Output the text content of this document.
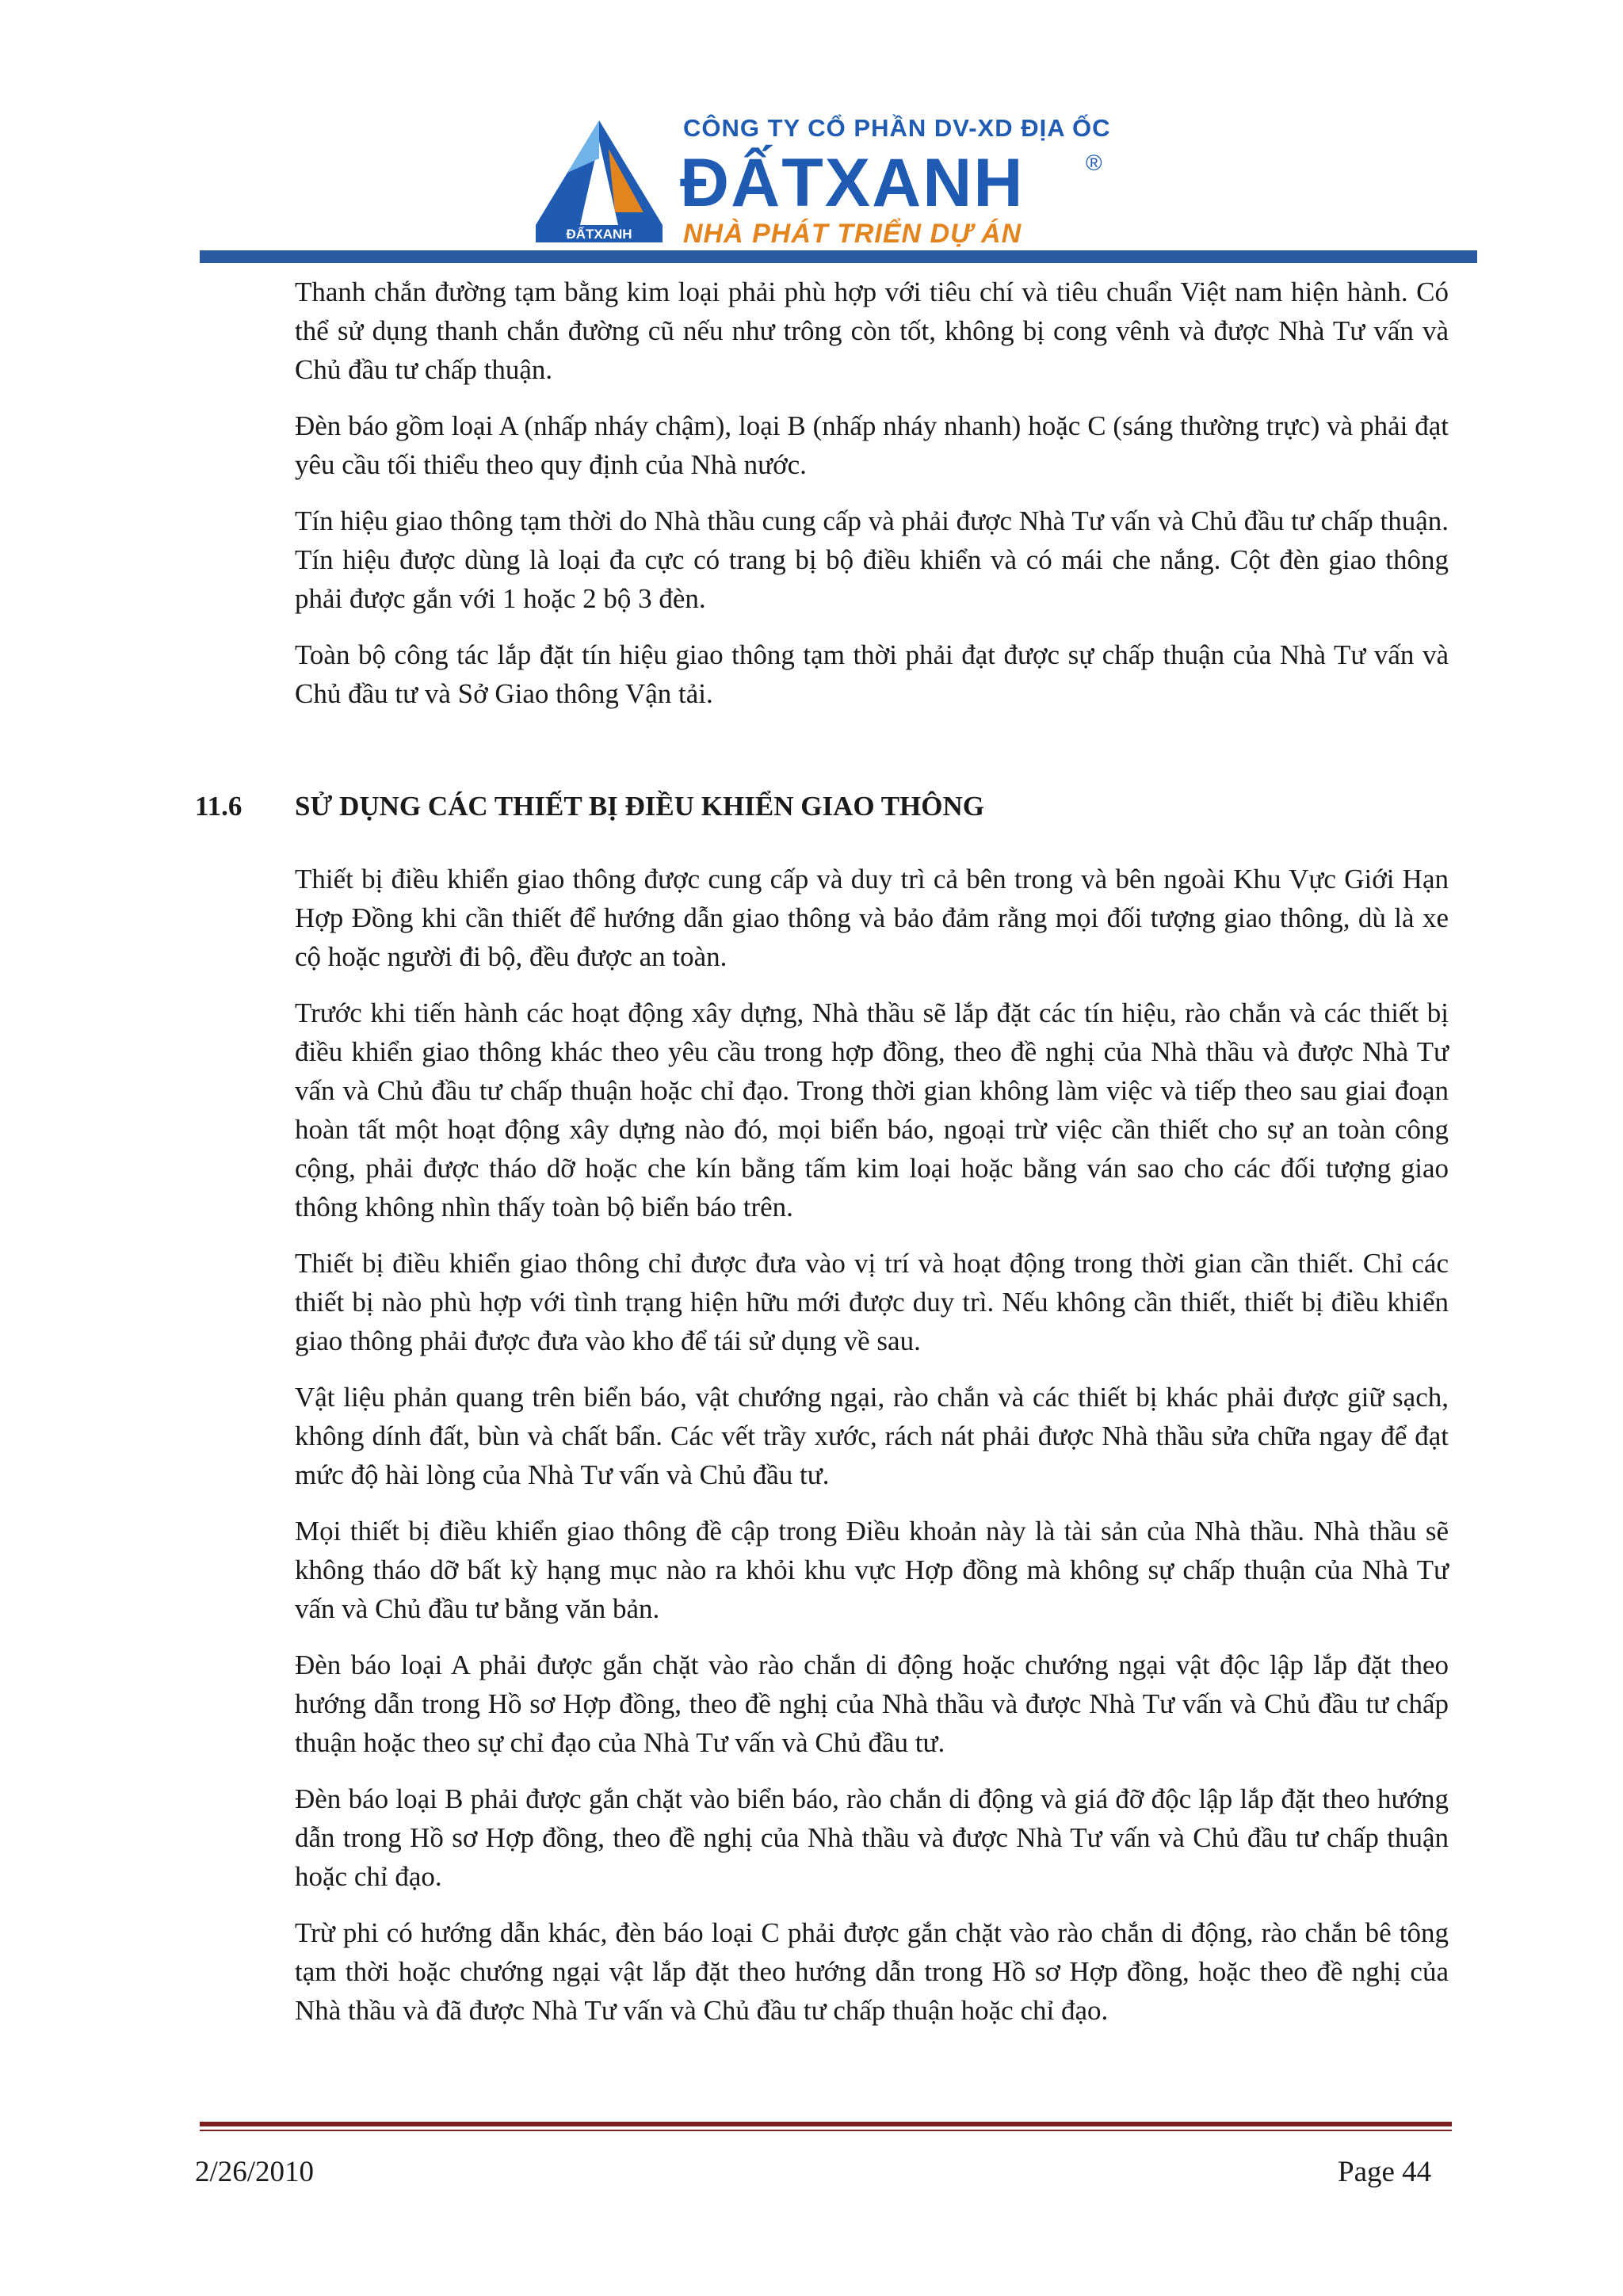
ĐẤTXANH
CÔNG TY CỔ PHẦN DV-XD ĐỊA ỐC
ĐẤTXANH	®
NHÀ PHÁT TRIỂN DỰ ÁN

Thanh chắn đường tạm bằng kim loại phải phù hợp với tiêu chí và tiêu chuẩn Việt nam hiện hành. Có thể sử dụng thanh chắn đường cũ nếu như trông còn tốt, không bị cong vênh và được Nhà Tư vấn và Chủ đầu tư chấp thuận.

Đèn báo gồm loại A (nhấp nháy chậm), loại B (nhấp nháy nhanh) hoặc C (sáng thường trực) và phải đạt yêu cầu tối thiểu theo quy định của Nhà nước.

Tín hiệu giao thông tạm thời do Nhà thầu cung cấp và phải được Nhà Tư vấn và Chủ đầu tư chấp thuận. Tín hiệu được dùng là loại đa cực có trang bị bộ điều khiển và có mái che nắng. Cột đèn giao thông phải được gắn với 1 hoặc 2 bộ 3 đèn.

Toàn bộ công tác lắp đặt tín hiệu giao thông tạm thời phải đạt được sự chấp thuận của Nhà Tư vấn và Chủ đầu tư và Sở Giao thông Vận tải.

11.6 SỬ DỤNG CÁC THIẾT BỊ ĐIỀU KHIỂN GIAO THÔNG

Thiết bị điều khiển giao thông được cung cấp và duy trì cả bên trong và bên ngoài Khu Vực Giới Hạn Hợp Đồng khi cần thiết để hướng dẫn giao thông và bảo đảm rằng mọi đối tượng giao thông, dù là xe cộ hoặc người đi bộ, đều được an toàn.

Trước khi tiến hành các hoạt động xây dựng, Nhà thầu sẽ lắp đặt các tín hiệu, rào chắn và các thiết bị điều khiển giao thông khác theo yêu cầu trong hợp đồng, theo đề nghị của Nhà thầu và được Nhà Tư vấn và Chủ đầu tư chấp thuận hoặc chỉ đạo. Trong thời gian không làm việc và tiếp theo sau giai đoạn hoàn tất một hoạt động xây dựng nào đó, mọi biển báo, ngoại trừ việc cần thiết cho sự an toàn công cộng, phải được tháo dỡ hoặc che kín bằng tấm kim loại hoặc bằng ván sao cho các đối tượng giao thông không nhìn thấy toàn bộ biển báo trên.

Thiết bị điều khiển giao thông chỉ được đưa vào vị trí và hoạt động trong thời gian cần thiết. Chỉ các thiết bị nào phù hợp với tình trạng hiện hữu mới được duy trì. Nếu không cần thiết, thiết bị điều khiển giao thông phải được đưa vào kho để tái sử dụng về sau.

Vật liệu phản quang trên biển báo, vật chướng ngại, rào chắn và các thiết bị khác phải được giữ sạch, không dính đất, bùn và chất bẩn. Các vết trầy xước, rách nát phải được Nhà thầu sửa chữa ngay để đạt mức độ hài lòng của Nhà Tư vấn và Chủ đầu tư.

Mọi thiết bị điều khiển giao thông đề cập trong Điều khoản này là tài sản của Nhà thầu. Nhà thầu sẽ không tháo dỡ bất kỳ hạng mục nào ra khỏi khu vực Hợp đồng mà không sự chấp thuận của Nhà Tư vấn và Chủ đầu tư bằng văn bản.

Đèn báo loại A phải được gắn chặt vào rào chắn di động hoặc chướng ngại vật độc lập lắp đặt theo hướng dẫn trong Hồ sơ Hợp đồng, theo đề nghị của Nhà thầu và được Nhà Tư vấn và Chủ đầu tư chấp thuận hoặc theo sự chỉ đạo của Nhà Tư vấn và Chủ đầu tư.

Đèn báo loại B phải được gắn chặt vào biển báo, rào chắn di động và giá đỡ độc lập lắp đặt theo hướng dẫn trong Hồ sơ Hợp đồng, theo đề nghị của Nhà thầu và được Nhà Tư vấn và Chủ đầu tư chấp thuận hoặc chỉ đạo.

Trừ phi có hướng dẫn khác, đèn báo loại C phải được gắn chặt vào rào chắn di động, rào chắn bê tông tạm thời hoặc chướng ngại vật lắp đặt theo hướng dẫn trong Hồ sơ Hợp đồng, hoặc theo đề nghị của Nhà thầu và đã được Nhà Tư vấn và Chủ đầu tư chấp thuận hoặc chỉ đạo.

2/26/2010	Page 44
